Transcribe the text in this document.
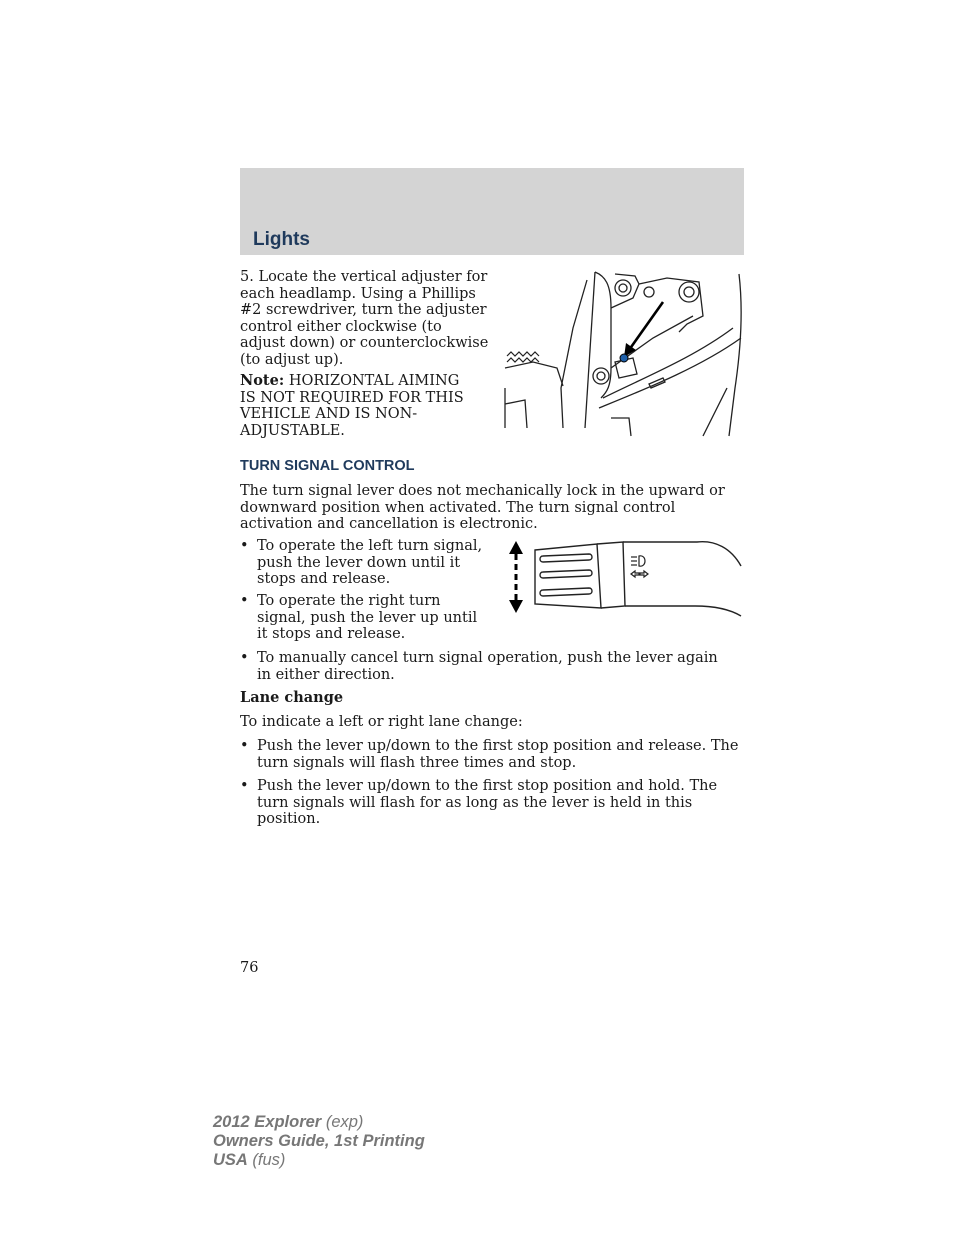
Lights

5. Locate the vertical adjuster for each headlamp. Using a Phillips #2 screwdriver, turn the adjuster control either clockwise (to adjust down) or counterclockwise (to adjust up).

Note: HORIZONTAL AIMING IS NOT REQUIRED FOR THIS VEHICLE AND IS NON-ADJUSTABLE.

TURN SIGNAL CONTROL

The turn signal lever does not mechanically lock in the upward or downward position when activated. The turn signal control activation and cancellation is electronic.

• To operate the left turn signal, push the lever down until it stops and release.
• To operate the right turn signal, push the lever up until it stops and release.
• To manually cancel turn signal operation, push the lever again in either direction.
Lane change
To indicate a left or right lane change:
• Push the lever up/down to the first stop position and release. The turn signals will flash three times and stop.
• Push the lever up/down to the first stop position and hold. The turn signals will flash for as long as the lever is held in this position.
76
2012 Explorer (exp)
Owners Guide, 1st Printing
USA (fus)
